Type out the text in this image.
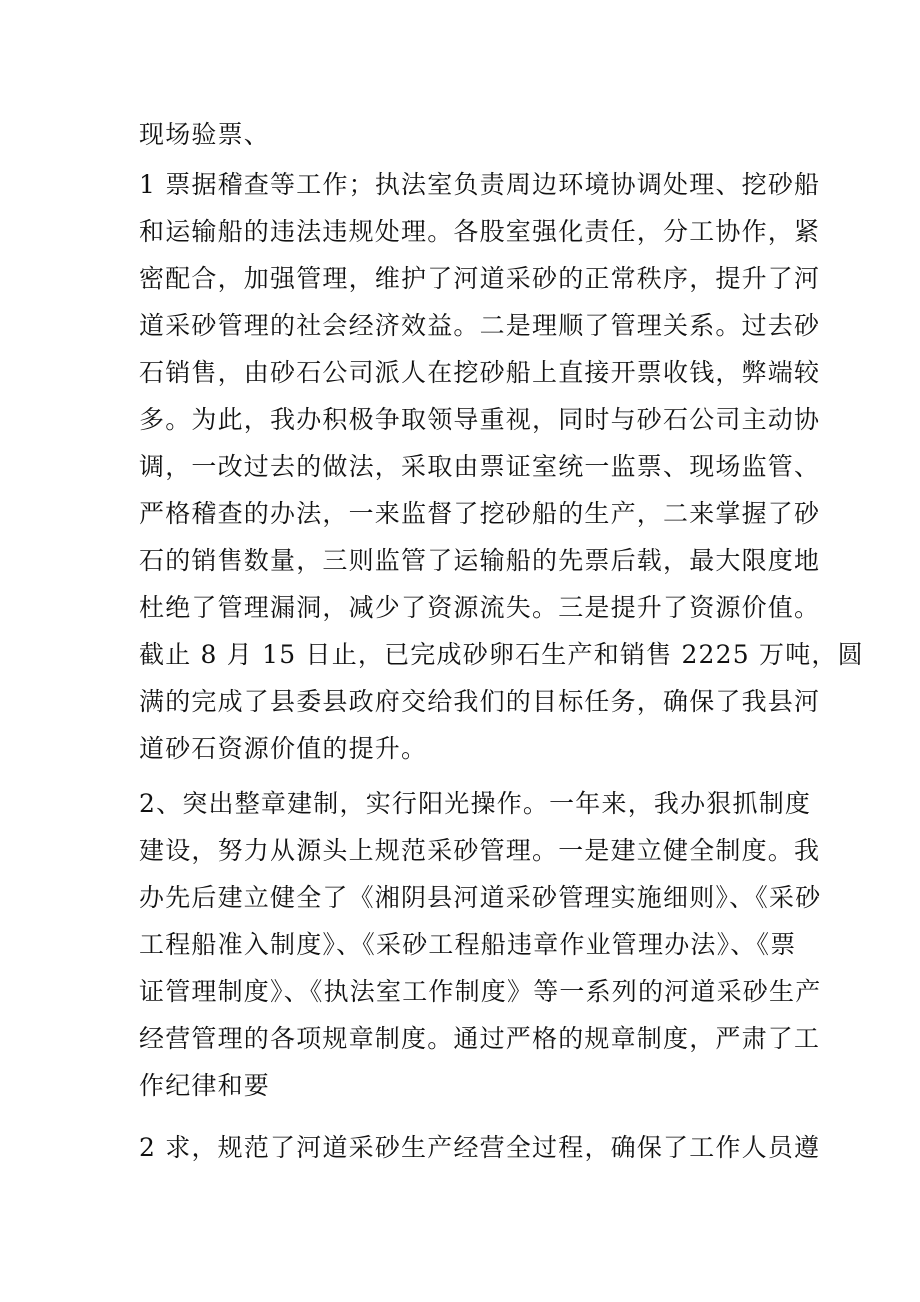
现场验票、
1 票据稽查等工作；执法室负责周边环境协调处理、挖砂船
和运输船的违法违规处理。各股室强化责任，分工协作，紧
密配合，加强管理，维护了河道采砂的正常秩序，提升了河
道采砂管理的社会经济效益。二是理顺了管理关系。过去砂
石销售，由砂石公司派人在挖砂船上直接开票收钱，弊端较
多。为此，我办积极争取领导重视，同时与砂石公司主动协
调，一改过去的做法，采取由票证室统一监票、现场监管、
严格稽查的办法，一来监督了挖砂船的生产，二来掌握了砂
石的销售数量，三则监管了运输船的先票后载，最大限度地
杜绝了管理漏洞，减少了资源流失。三是提升了资源价值。
截止 8 月 15 日止，已完成砂卵石生产和销售 2225 万吨，圆
满的完成了县委县政府交给我们的目标任务，确保了我县河
道砂石资源价值的提升。
2、突出整章建制，实行阳光操作。一年来，我办狠抓制度
建设，努力从源头上规范采砂管理。一是建立健全制度。我
办先后建立健全了《湘阴县河道采砂管理实施细则》、《采砂
工程船准入制度》、《采砂工程船违章作业管理办法》、《票
证管理制度》、《执法室工作制度》等一系列的河道采砂生产
经营管理的各项规章制度。通过严格的规章制度，严肃了工
作纪律和要
2 求，规范了河道采砂生产经营全过程，确保了工作人员遵
